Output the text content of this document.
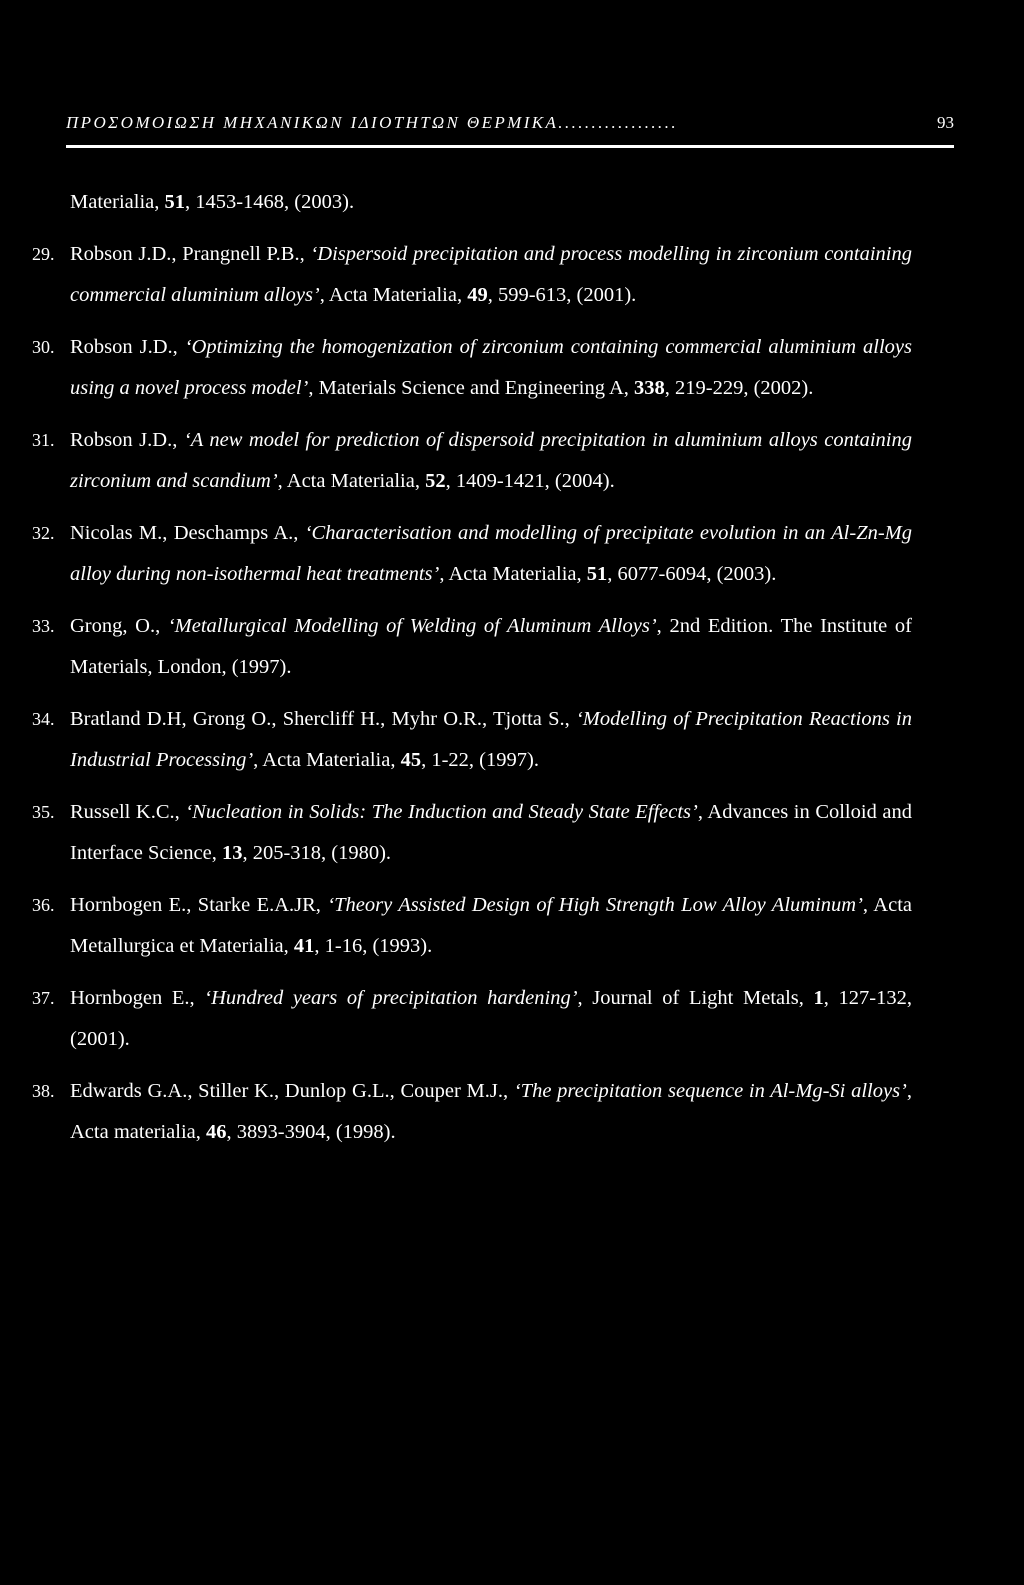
ΠΡΟΣΟΜΟΙΩΣΗ ΜΗΧΑΝΙΚΩΝ ΙΔΙΟΤΗΤΩΝ ΘΕΡΜΙΚΑ..................	93
Materialia, 51, 1453-1468, (2003).
29. Robson J.D., Prangnell P.B., ‘Dispersoid precipitation and process modelling in zirconium containing commercial aluminium alloys’, Acta Materialia, 49, 599-613, (2001).
30. Robson J.D., ‘Optimizing the homogenization of zirconium containing commercial aluminium alloys using a novel process model’, Materials Science and Engineering A, 338, 219-229, (2002).
31. Robson J.D., ‘A new model for prediction of dispersoid precipitation in aluminium alloys containing zirconium and scandium’, Acta Materialia, 52, 1409-1421, (2004).
32. Nicolas M., Deschamps A., ‘Characterisation and modelling of precipitate evolution in an Al-Zn-Mg alloy during non-isothermal heat treatments’, Acta Materialia, 51, 6077-6094, (2003).
33. Grong, O., ‘Metallurgical Modelling of Welding of Aluminum Alloys’, 2nd Edition. The Institute of Materials, London, (1997).
34. Bratland D.H, Grong O., Shercliff H., Myhr O.R., Tjotta S., ‘Modelling of Precipitation Reactions in Industrial Processing’, Acta Materialia, 45, 1-22, (1997).
35. Russell K.C., ‘Nucleation in Solids: The Induction and Steady State Effects’, Advances in Colloid and Interface Science, 13, 205-318, (1980).
36. Hornbogen E., Starke E.A.JR, ‘Theory Assisted Design of High Strength Low Alloy Aluminum’, Acta Metallurgica et Materialia, 41, 1-16, (1993).
37. Hornbogen E., ‘Hundred years of precipitation hardening’, Journal of Light Metals, 1, 127-132, (2001).
38. Edwards G.A., Stiller K., Dunlop G.L., Couper M.J., ‘The precipitation sequence in Al-Mg-Si alloys’, Acta materialia, 46, 3893-3904, (1998).
